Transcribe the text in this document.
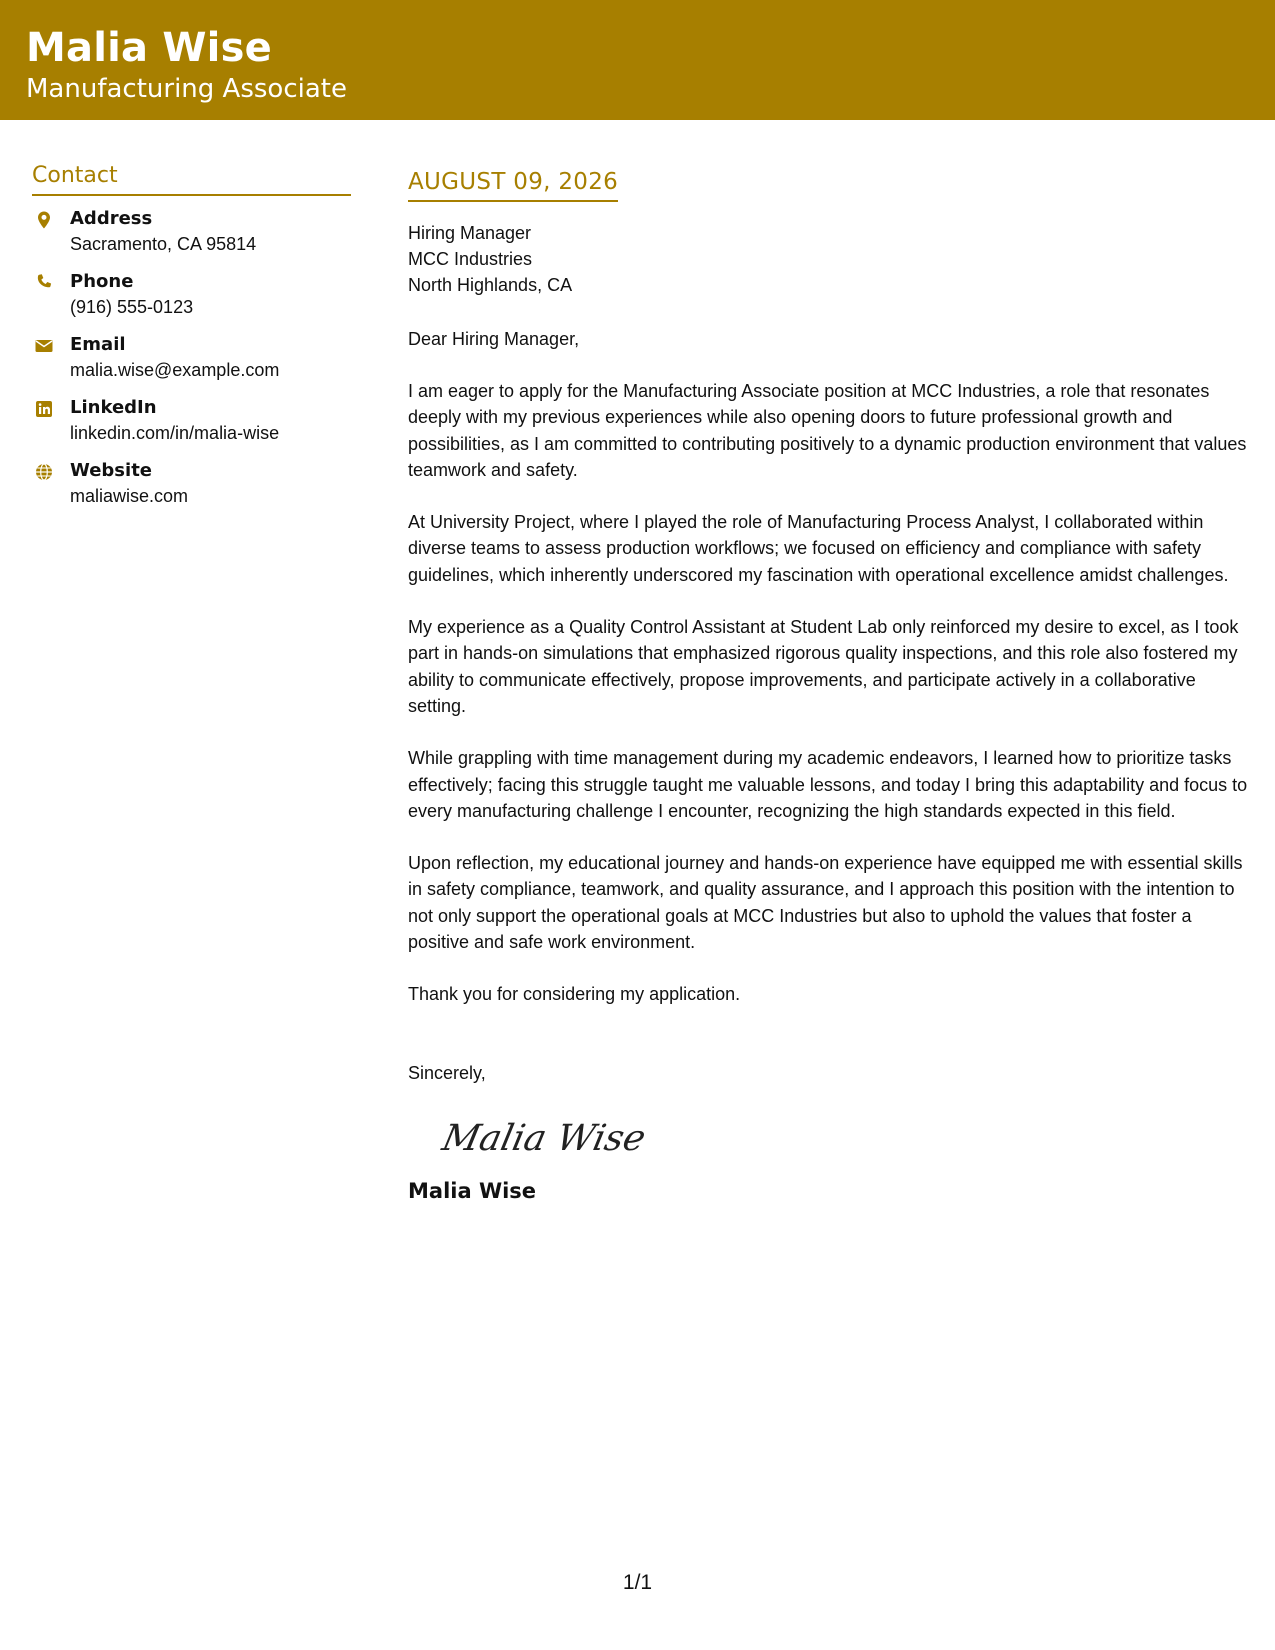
Malia Wise
Manufacturing Associate
Contact
Address
Sacramento, CA 95814
Phone
(916) 555-0123
Email
malia.wise@example.com
LinkedIn
linkedin.com/in/malia-wise
Website
maliawise.com
AUGUST 09, 2026
Hiring Manager
MCC Industries
North Highlands, CA
Dear Hiring Manager,
I am eager to apply for the Manufacturing Associate position at MCC Industries, a role that resonates deeply with my previous experiences while also opening doors to future professional growth and possibilities, as I am committed to contributing positively to a dynamic production environment that values teamwork and safety.
At University Project, where I played the role of Manufacturing Process Analyst, I collaborated within diverse teams to assess production workflows; we focused on efficiency and compliance with safety guidelines, which inherently underscored my fascination with operational excellence amidst challenges.
My experience as a Quality Control Assistant at Student Lab only reinforced my desire to excel, as I took part in hands-on simulations that emphasized rigorous quality inspections, and this role also fostered my ability to communicate effectively, propose improvements, and participate actively in a collaborative setting.
While grappling with time management during my academic endeavors, I learned how to prioritize tasks effectively; facing this struggle taught me valuable lessons, and today I bring this adaptability and focus to every manufacturing challenge I encounter, recognizing the high standards expected in this field.
Upon reflection, my educational journey and hands-on experience have equipped me with essential skills in safety compliance, teamwork, and quality assurance, and I approach this position with the intention to not only support the operational goals at MCC Industries but also to uphold the values that foster a positive and safe work environment.
Thank you for considering my application.
Sincerely,
Malia Wise
Malia Wise
1/1
